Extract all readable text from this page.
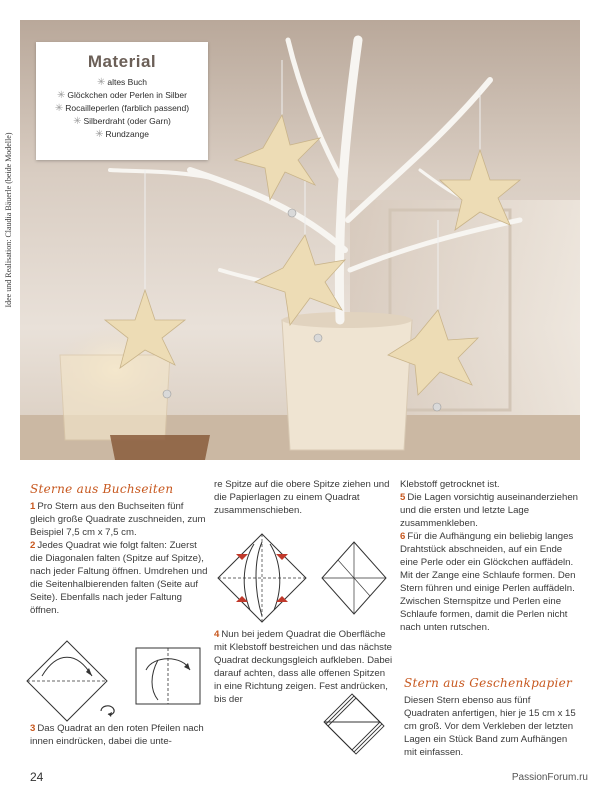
Idee und Realisation: Claudia Bäuerle (beide Modelle)
Material
✳ altes Buch
✳ Glöckchen oder Perlen in Silber
✳ Rocailleperlen (farblich passend)
✳ Silberdraht (oder Garn)
✳ Rundzange
Sterne aus Buchseiten

1 Pro Stern aus den Buchseiten fünf gleich große Quadrate zuschneiden, zum Beispiel 7,5 cm x 7,5 cm.

2 Jedes Quadrat wie folgt falten: Zuerst die Diagonalen falten (Spitze auf Spitze), nach jeder Faltung öffnen. Umdrehen und die Seitenhalbierenden falten (Seite auf Seite). Ebenfalls nach jeder Faltung öffnen.

3 Das Quadrat an den roten Pfeilen nach innen eindrücken, dabei die unte-

re Spitze auf die obere Spitze ziehen und die Papierlagen zu einem Quadrat zusammenschieben.

4 Nun bei jedem Quadrat die Oberfläche mit Klebstoff bestreichen und das nächste Quadrat deckungsgleich aufkleben. Dabei darauf achten, dass alle offenen Spitzen in eine Richtung zeigen. Fest andrücken, bis der

Klebstoff getrocknet ist.

5 Die Lagen vorsichtig auseinanderziehen und die ersten und letzte Lage zusammenkleben.

6 Für die Aufhängung ein beliebig langes Drahtstück abschneiden, auf ein Ende eine Perle oder ein Glöckchen auffädeln. Mit der Zange eine Schlaufe formen. Den Stern führen und einige Perlen auffädeln. Zwischen Sternspitze und Perlen eine Schlaufe formen, damit die Perlen nicht nach unten rutschen.

Stern aus Geschenkpapier

Diesen Stern ebenso aus fünf Quadraten anfertigen, hier je 15 cm x 15 cm groß. Vor dem Verkleben der letzten Lagen ein Stück Band zum Aufhängen mit einfassen.

24	PassionForum.ru
